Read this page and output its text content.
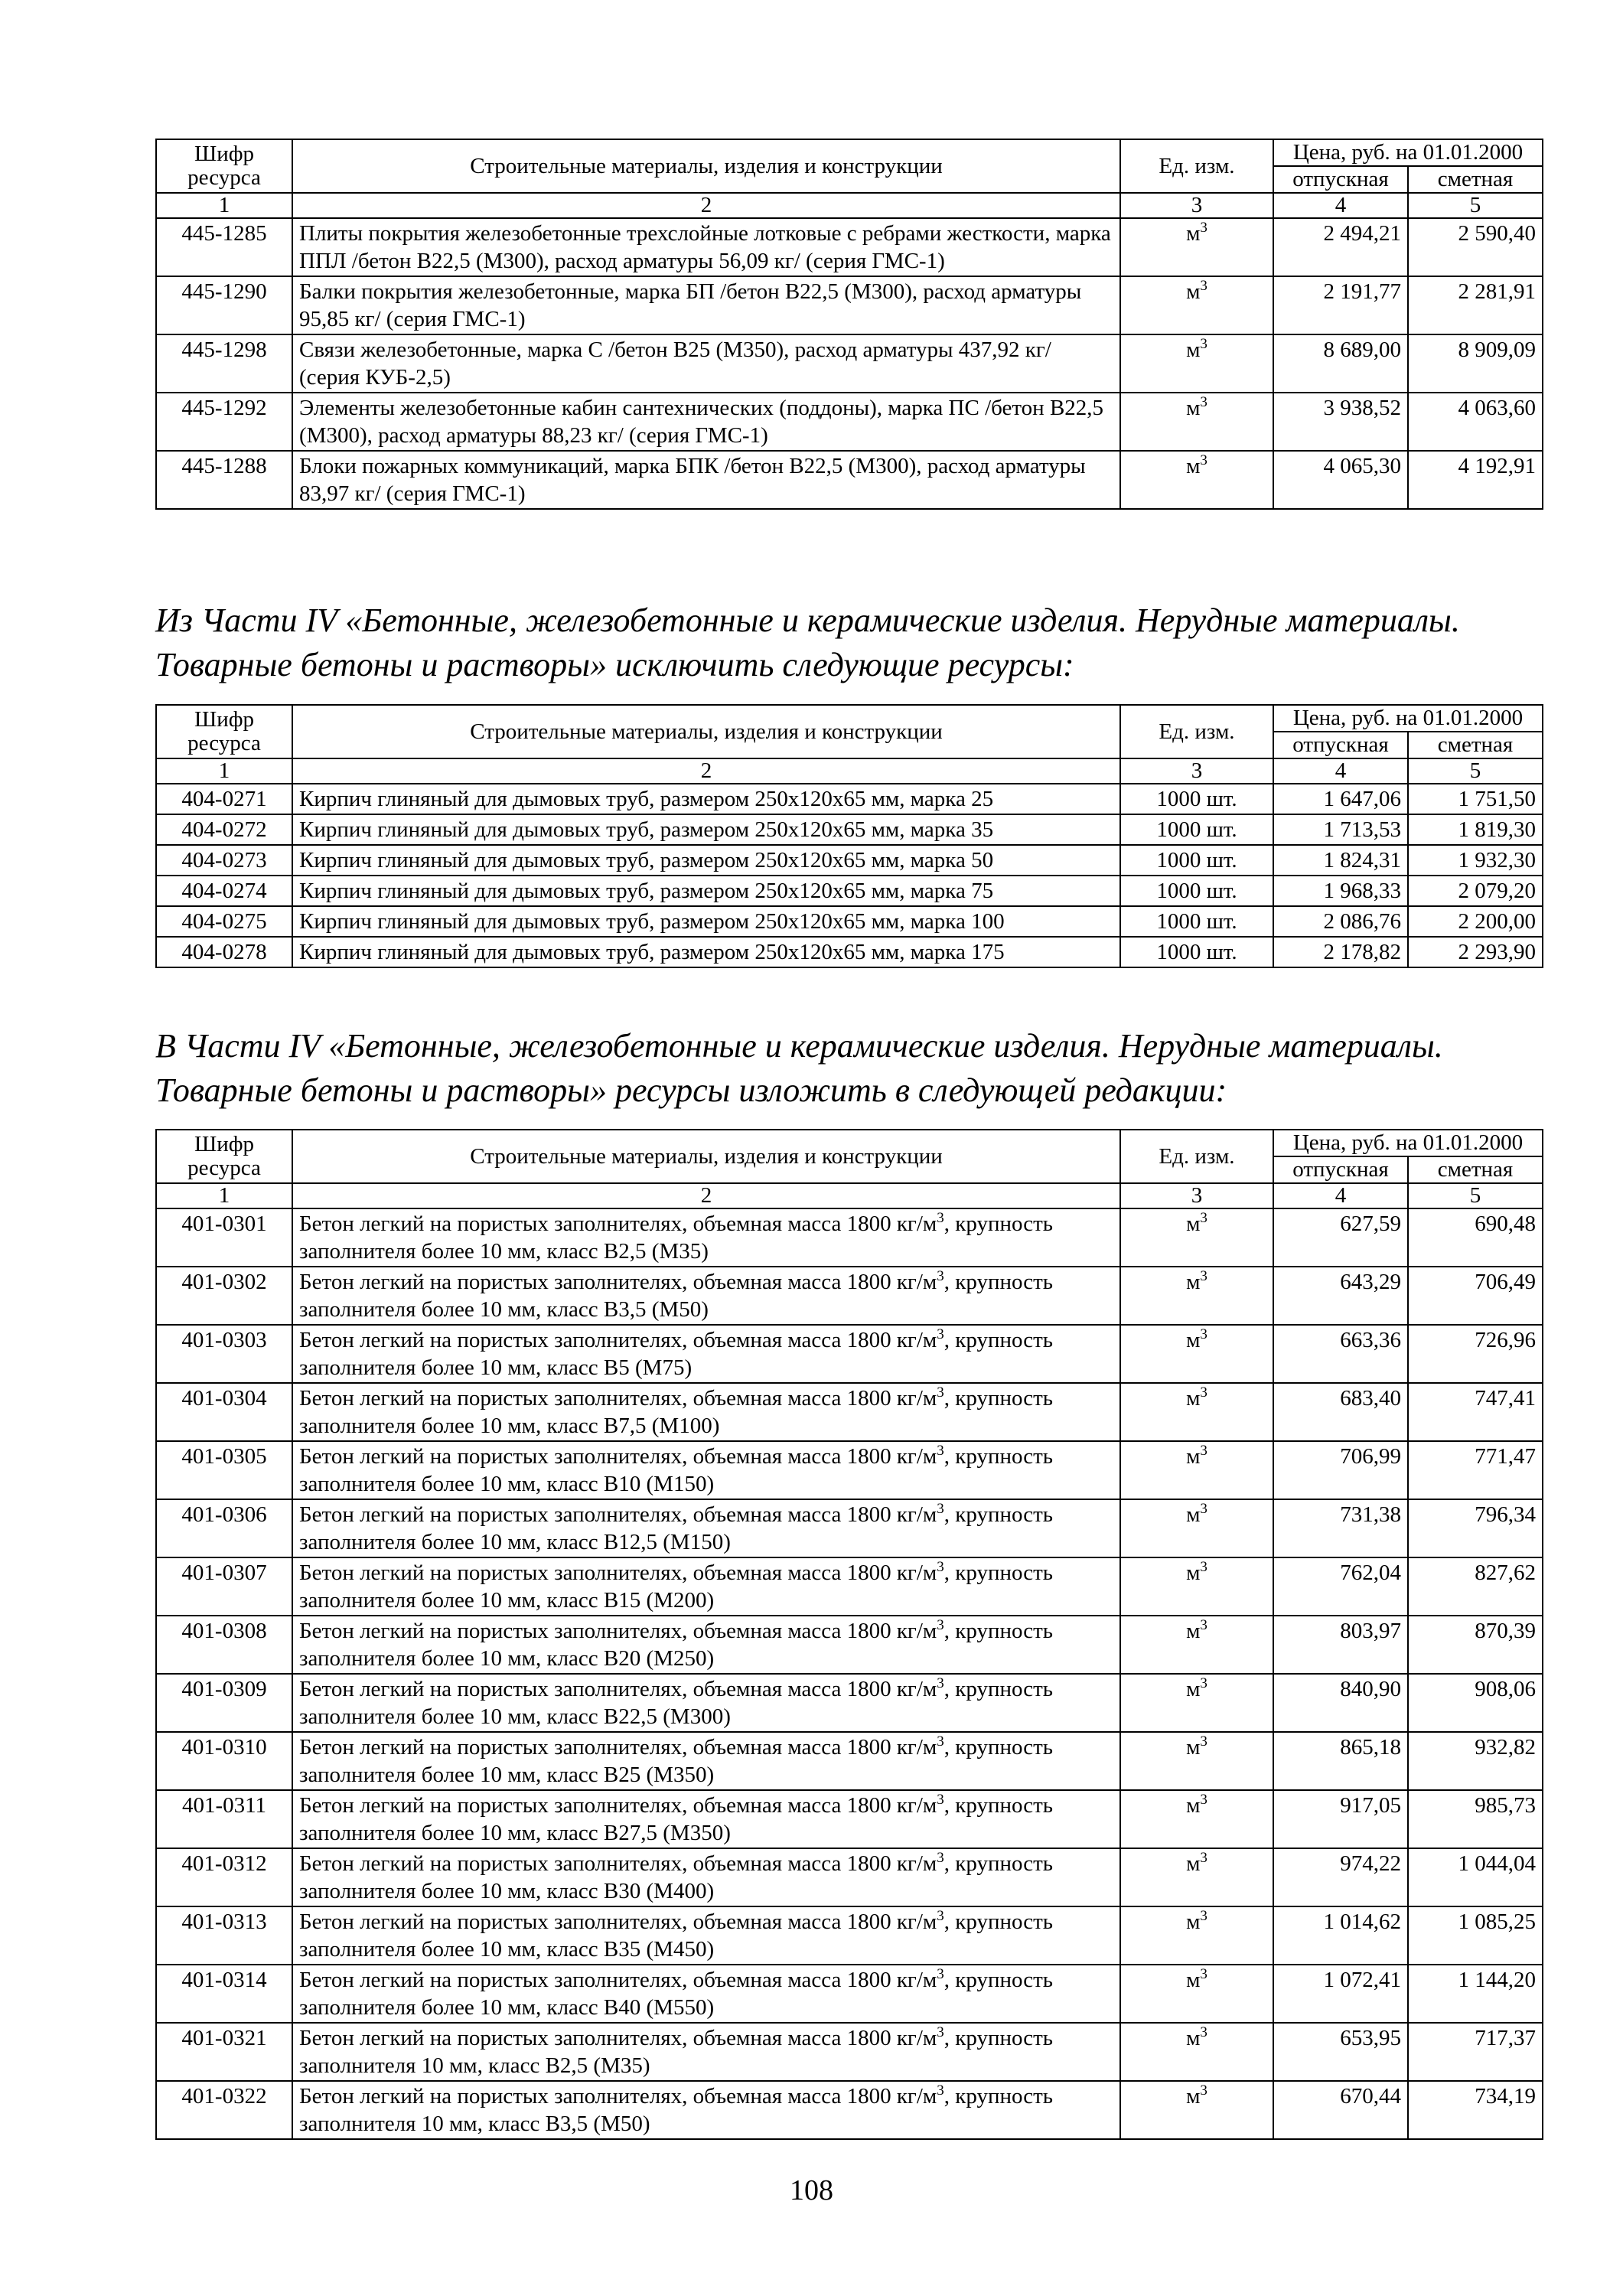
Шифр ресурса	Строительные материалы, изделия и конструкции	Ед. изм.	Цена, руб. на 01.01.2000	
			отпускная	сметная
1	2	3	4	5
445-1285	Плиты покрытия железобетонные трехслойные лотковые с ребрами жесткости, марка ППЛ /бетон В22,5 (М300), расход арматуры 56,09 кг/ (серия ГМС-1)	$м^3$	2 494,21	2 590,40
445-1290	Балки покрытия железобетонные, марка БП /бетон В22,5 (М300), расход арматуры 95,85 кг/ (серия ГМС-1)	$м^3$	2 191,77	2 281,91
445-1298	Связи железобетонные, марка С /бетон В25 (М350), расход арматуры 437,92 кг/ (серия КУБ-2,5)	$м^3$	8 689,00	8 909,09
445-1292	Элементы железобетонные кабин сантехнических (поддоны), марка ПС /бетон В22,5 (М300), расход арматуры 88,23 кг/ (серия ГМС-1)	$м^3$	3 938,52	4 063,60
445-1288	Блоки пожарных коммуникаций, марка БПК /бетон В22,5 (М300), расход арматуры 83,97 кг/ (серия ГМС-1)	$м^3$	4 065,30	4 192,91
Из Части IV «Бетонные, железобетонные и керамические изделия. Нерудные материалы. Товарные бетоны и растворы» исключить следующие ресурсы:
Шифр ресурса	Строительные материалы, изделия и конструкции	Ед. изм.	Цена, руб. на 01.01.2000	
			отпускная	сметная
1	2	3	4	5
404-0271	Кирпич глиняный для дымовых труб, размером 250х120х65 мм, марка 25	1000 шт.	1 647,06	1 751,50
404-0272	Кирпич глиняный для дымовых труб, размером 250х120х65 мм, марка 35	1000 шт.	1 713,53	1 819,30
404-0273	Кирпич глиняный для дымовых труб, размером 250х120х65 мм, марка 50	1000 шт.	1 824,31	1 932,30
404-0274	Кирпич глиняный для дымовых труб, размером 250х120х65 мм, марка 75	1000 шт.	1 968,33	2 079,20
404-0275	Кирпич глиняный для дымовых труб, размером 250х120х65 мм, марка 100	1000 шт.	2 086,76	2 200,00
404-0278	Кирпич глиняный для дымовых труб, размером 250х120х65 мм, марка 175	1000 шт.	2 178,82	2 293,90
В Части IV «Бетонные, железобетонные и керамические изделия. Нерудные материалы. Товарные бетоны и растворы» ресурсы изложить в следующей редакции:
Шифр ресурса	Строительные материалы, изделия и конструкции	Ед. изм.	Цена, руб. на 01.01.2000	
			отпускная	сметная
1	2	3	4	5
401-0301	Бетон легкий на пористых заполнителях, объемная масса 1800 $кг/м^3$, крупность заполнителя более 10 мм, класс В2,5 (М35)	$м^3$	627,59	690,48
401-0302	Бетон легкий на пористых заполнителях, объемная масса 1800 $кг/м^3$, крупность заполнителя более 10 мм, класс В3,5 (М50)	$м^3$	643,29	706,49
401-0303	Бетон легкий на пористых заполнителях, объемная масса 1800 $кг/м^3$, крупность заполнителя более 10 мм, класс В5 (М75)	$м^3$	663,36	726,96
401-0304	Бетон легкий на пористых заполнителях, объемная масса 1800 $кг/м^3$, крупность заполнителя более 10 мм, класс В7,5 (М100)	$м^3$	683,40	747,41
401-0305	Бетон легкий на пористых заполнителях, объемная масса 1800 $кг/м^3$, крупность заполнителя более 10 мм, класс В10 (М150)	$м^3$	706,99	771,47
401-0306	Бетон легкий на пористых заполнителях, объемная масса 1800 $кг/м^3$, крупность заполнителя более 10 мм, класс В12,5 (М150)	$м^3$	731,38	796,34
401-0307	Бетон легкий на пористых заполнителях, объемная масса 1800 $кг/м^3$, крупность заполнителя более 10 мм, класс В15 (М200)	$м^3$	762,04	827,62
401-0308	Бетон легкий на пористых заполнителях, объемная масса 1800 $кг/м^3$, крупность заполнителя более 10 мм, класс В20 (М250)	$м^3$	803,97	870,39
401-0309	Бетон легкий на пористых заполнителях, объемная масса 1800 $кг/м^3$, крупность заполнителя более 10 мм, класс В22,5 (М300)	$м^3$	840,90	908,06
401-0310	Бетон легкий на пористых заполнителях, объемная масса 1800 $кг/м^3$, крупность заполнителя более 10 мм, класс В25 (М350)	$м^3$	865,18	932,82
401-0311	Бетон легкий на пористых заполнителях, объемная масса 1800 $кг/м^3$, крупность заполнителя более 10 мм, класс В27,5 (М350)	$м^3$	917,05	985,73
401-0312	Бетон легкий на пористых заполнителях, объемная масса 1800 $кг/м^3$, крупность заполнителя более 10 мм, класс В30 (М400)	$м^3$	974,22	1 044,04
401-0313	Бетон легкий на пористых заполнителях, объемная масса 1800 $кг/м^3$, крупность заполнителя более 10 мм, класс В35 (М450)	$м^3$	1 014,62	1 085,25
401-0314	Бетон легкий на пористых заполнителях, объемная масса 1800 $кг/м^3$, крупность заполнителя более 10 мм, класс В40 (М550)	$м^3$	1 072,41	1 144,20
401-0321	Бетон легкий на пористых заполнителях, объемная масса 1800 $кг/м^3$, крупность заполнителя 10 мм, класс В2,5 (М35)	$м^3$	653,95	717,37
401-0322	Бетон легкий на пористых заполнителях, объемная масса 1800 $кг/м^3$, крупность заполнителя 10 мм, класс В3,5 (М50)	$м^3$	670,44	734,19
108
